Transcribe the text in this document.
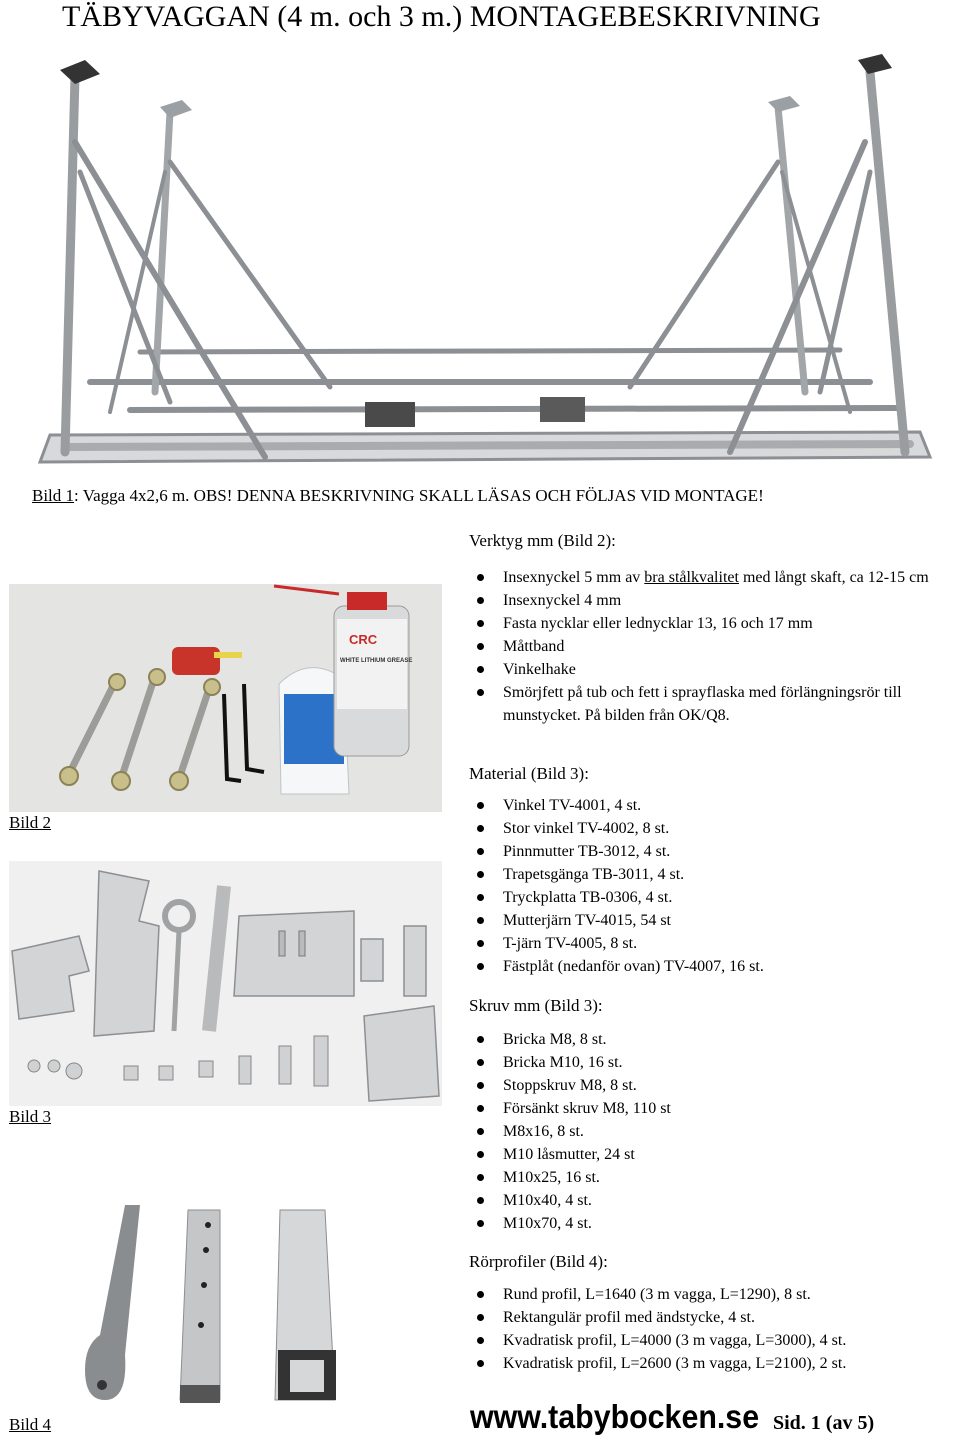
TÄBYVAGGAN (4 m. och 3 m.) MONTAGEBESKRIVNING
Bild 1: Vagga 4x2,6 m. OBS! DENNA BESKRIVNING SKALL LÄSAS OCH FÖLJAS VID MONTAGE!
CRC
WHITE LITHIUM GREASE
Bild 2
Bild 3
Bild 4
Verktyg mm (Bild 2):
Insexnyckel 5 mm av bra stålkvalitet med långt skaft, ca 12-15 cm
Insexnyckel 4 mm
Fasta nycklar eller lednycklar 13, 16 och 17 mm
Måttband
Vinkelhake
Smörjfett på tub och fett i sprayflaska med förlängningsrör till munstycket. På bilden från OK/Q8.
Material (Bild 3):
Vinkel TV-4001, 4 st.
Stor vinkel TV-4002, 8 st.
Pinnmutter TB-3012, 4 st.
Trapetsgänga TB-3011, 4 st.
Tryckplatta TB-0306, 4 st.
Mutterjärn TV-4015, 54 st
T-järn TV-4005, 8 st.
Fästplåt (nedanför ovan) TV-4007, 16 st.
Skruv mm (Bild 3):
Bricka M8, 8 st.
Bricka M10, 16 st.
Stoppskruv M8, 8 st.
Försänkt skruv M8, 110 st
M8x16, 8 st.
M10 låsmutter, 24 st
M10x25, 16 st.
M10x40, 4 st.
M10x70, 4 st.
Rörprofiler (Bild 4):
Rund profil, L=1640 (3 m vagga, L=1290), 8 st.
Rektangulär profil med ändstycke, 4 st.
Kvadratisk profil, L=4000 (3 m vagga, L=3000), 4 st.
Kvadratisk profil, L=2600 (3 m vagga, L=2100), 2 st.
www.tabybocken.se Sid. 1 (av 5)
